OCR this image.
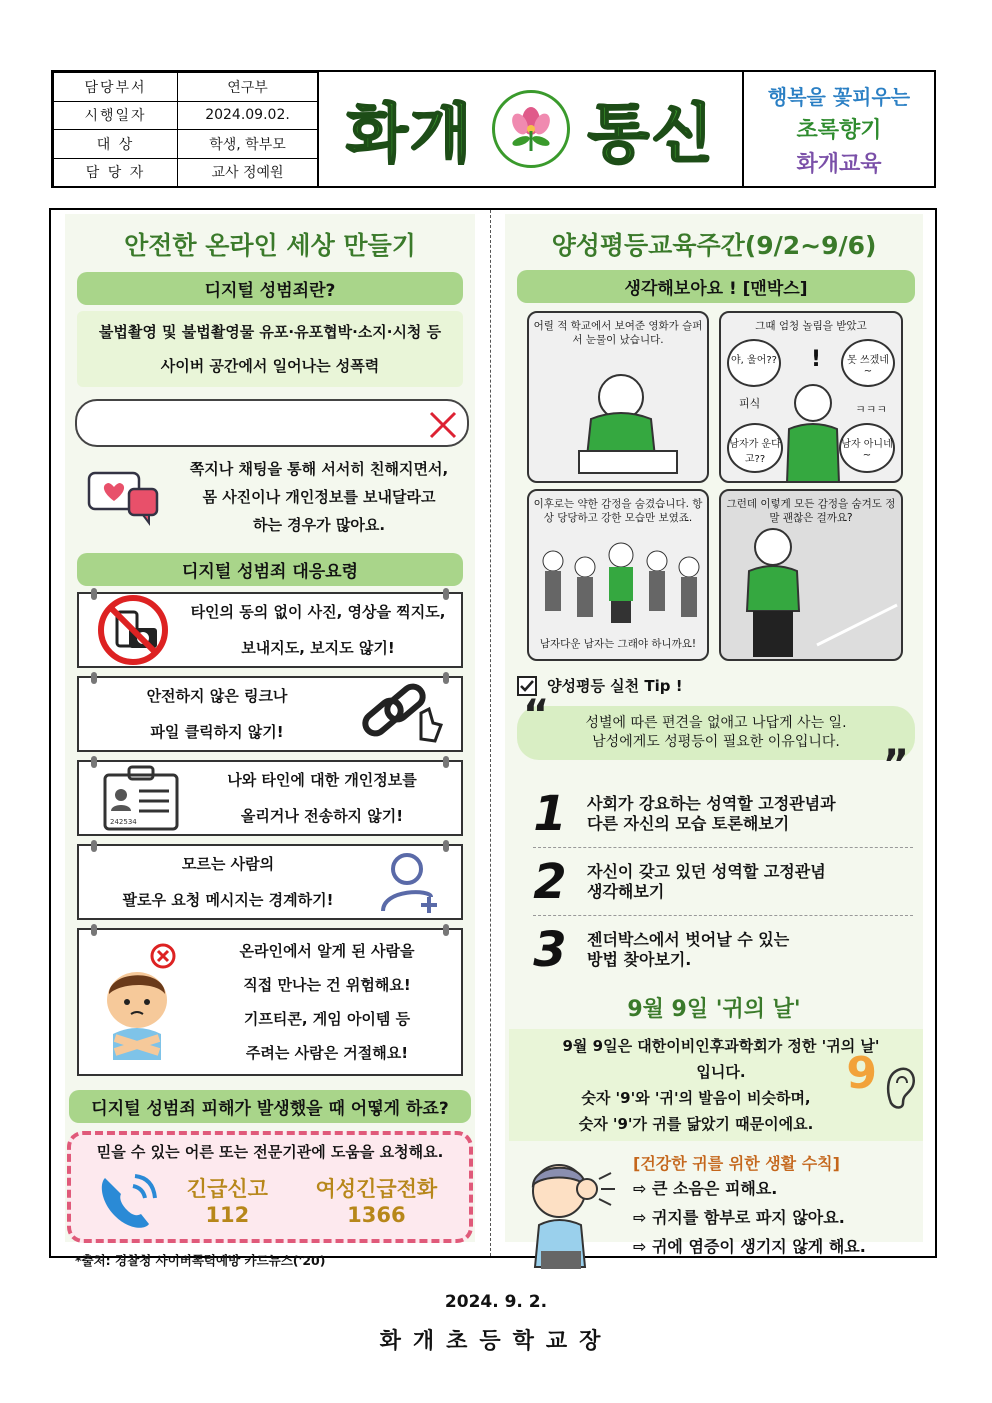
담당부서	연구부
시행일자	2024.09.02.
대 상	학생, 학부모
담 당 자	교사 정예원
화개 통신
행복을 꽃피우는
초록향기
화개교육
안전한 온라인 세상 만들기
디지털 성범죄란?
불법촬영 및 불법촬영물 유포·유포협박·소지·시청 등
사이버 공간에서 일어나는 성폭력
쪽지나 채팅을 통해 서서히 친해지면서,
몸 사진이나 개인정보를 보내달라고
하는 경우가 많아요.
디지털 성범죄 대응요령
타인의 동의 없이 사진, 영상을 찍지도,
보내지도, 보지도 않기!
안전하지 않은 링크나
파일 클릭하지 않기!
242534
나와 타인에 대한 개인정보를
올리거나 전송하지 않기!
모르는 사람의
팔로우 요청 메시지는 경계하기!
온라인에서 알게 된 사람을
직접 만나는 건 위험해요!
기프티콘, 게임 아이템 등
주려는 사람은 거절해요!
디지털 성범죄 피해가 발생했을 때 어떻게 하죠?
믿을 수 있는 어른 또는 전문기관에 도움을 요청해요.
긴급신고
112
여성긴급전화
1366
*출처: 경찰청 사이버폭력예방 카드뉴스('20)
양성평등교육주간(9/2~9/6)
생각해보아요 ! [맨박스]
어릴 적 학교에서 보여준 영화가 슬퍼서 눈물이 났습니다.
그때 엄청 놀림을 받았고
야, 울어??	못 쓰겠네~
남자가 운다고??
남자 아니네~
!
피식	ㅋㅋㅋ
이후로는 약한 감정을 숨겼습니다. 항상 당당하고 강한 모습만 보였죠.
남자다운 남자는 그래야 하니까요!
그런데 이렇게 모든 감정을 숨겨도 정말 괜찮은 걸까요?
양성평등 실천 Tip !
“	성별에 따른 편견을 없애고 나답게 사는 일.
남성에게도 성평등이 필요한 이유입니다.	”
1 사회가 강요하는 성역할 고정관념과
다른 자신의 모습 토론해보기
2 자신이 갖고 있던 성역할 고정관념
생각해보기
3 젠더박스에서 벗어날 수 있는
방법 찾아보기.
9월 9일 '귀의 날'
9월 9일은 대한이비인후과학회가 정한 '귀의 날' 입니다.
숫자 '9'와 '귀'의 발음이 비슷하며,
숫자 '9'가 귀를 닮았기 때문이에요.
9
[건강한 귀를 위한 생활 수칙]
⇨ 큰 소음은 피해요.
⇨ 귀지를 함부로 파지 않아요.
⇨ 귀에 염증이 생기지 않게 해요.
2024. 9. 2.
화개초등학교장
